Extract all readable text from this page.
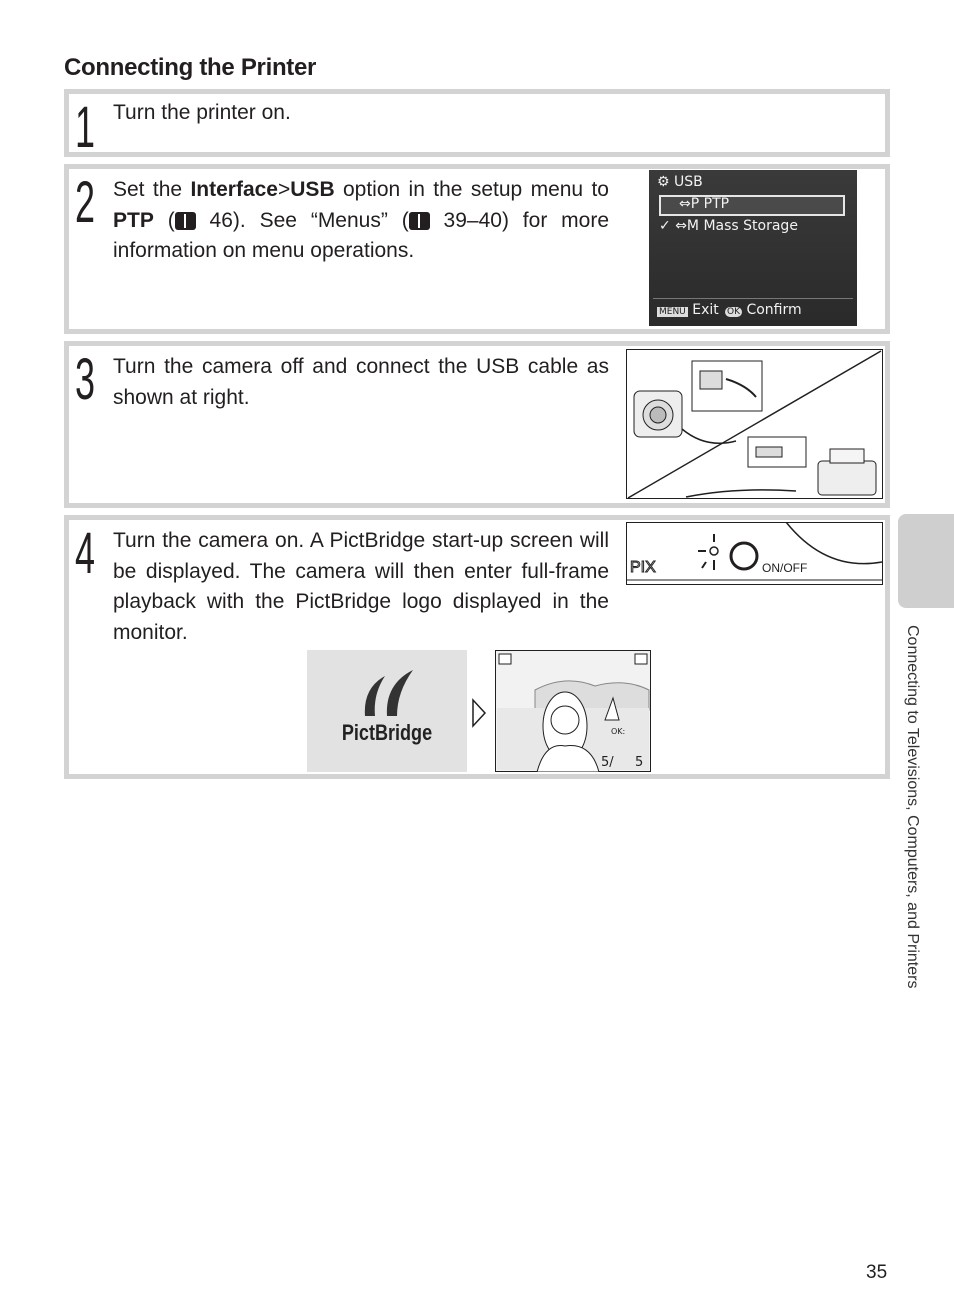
Connecting the Printer
1 Turn the printer on.
2 Set the Interface>USB option in the setup menu to PTP ( 46). See “Menus” ( 39–40) for more information on menu operations.
⚙ USB
⇔P PTP
✓ ⇔M Mass Storage
MENU Exit OK Confirm
3 Turn the camera off and connect the USB cable as shown at right.
4 Turn the camera on. A PictBridge start-up screen will be displayed. The camera will then enter full-frame playback with the PictBridge logo displayed in the monitor.
PIX	ON/OFF
PictBridge	OK:
5/ 5	Connecting to Televisions, Computers, and Printers
35
